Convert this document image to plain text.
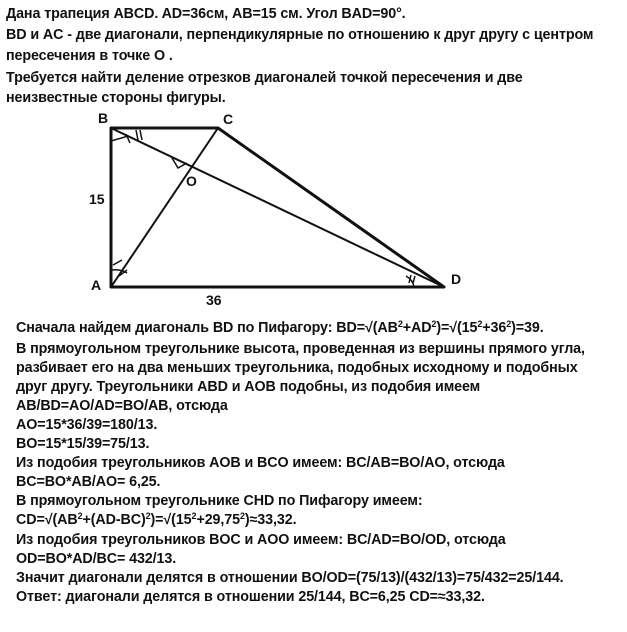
Дана трапеция ABCD. AD=36см, AB=15 см. Угол BAD=90°.
BD и AC - две диагонали, перпендикулярные по отношению к друг другу с центром
пересечения в точке O .
Требуется найти деление отрезков диагоналей точкой пересечения и две
неизвестные стороны фигуры.
B	C
A	D
O
15
36
Сначала найдем диагональ BD по Пифагору: $BD=√(AB^2+AD^2)=√(15^2+36^2)=39$.
В прямоугольном треугольнике высота, проведенная из вершины прямого угла,
разбивает его на два меньших треугольника, подобных исходному и подобных
друг другу. Треугольники ABD и AOB подобны, из подобия имеем
AB/BD=AO/AD=BO/AB, отсюда
AO=15*36/39=180/13.
BO=15*15/39=75/13.
Из подобия треугольников AOB и BCO имеем: BC/AB=BO/AO, отсюда
BC=BO*AB/AO= 6,25.
В прямоугольном треугольнике CHD по Пифагору имеем:
$CD=√(AB^2+(AD-BC)^2)=√(15^2+29,75^2)\approx 33,32$.
Из подобия треугольников BOC и AOO имеем: BC/AD=BO/OD, отсюда
OD=BO*AD/BC= 432/13.
Значит диагонали делятся в отношении BO/OD=(75/13)/(432/13)=75/432=25/144.
Ответ: диагонали делятся в отношении 25/144, BC=6,25 CD=≈33,32.
